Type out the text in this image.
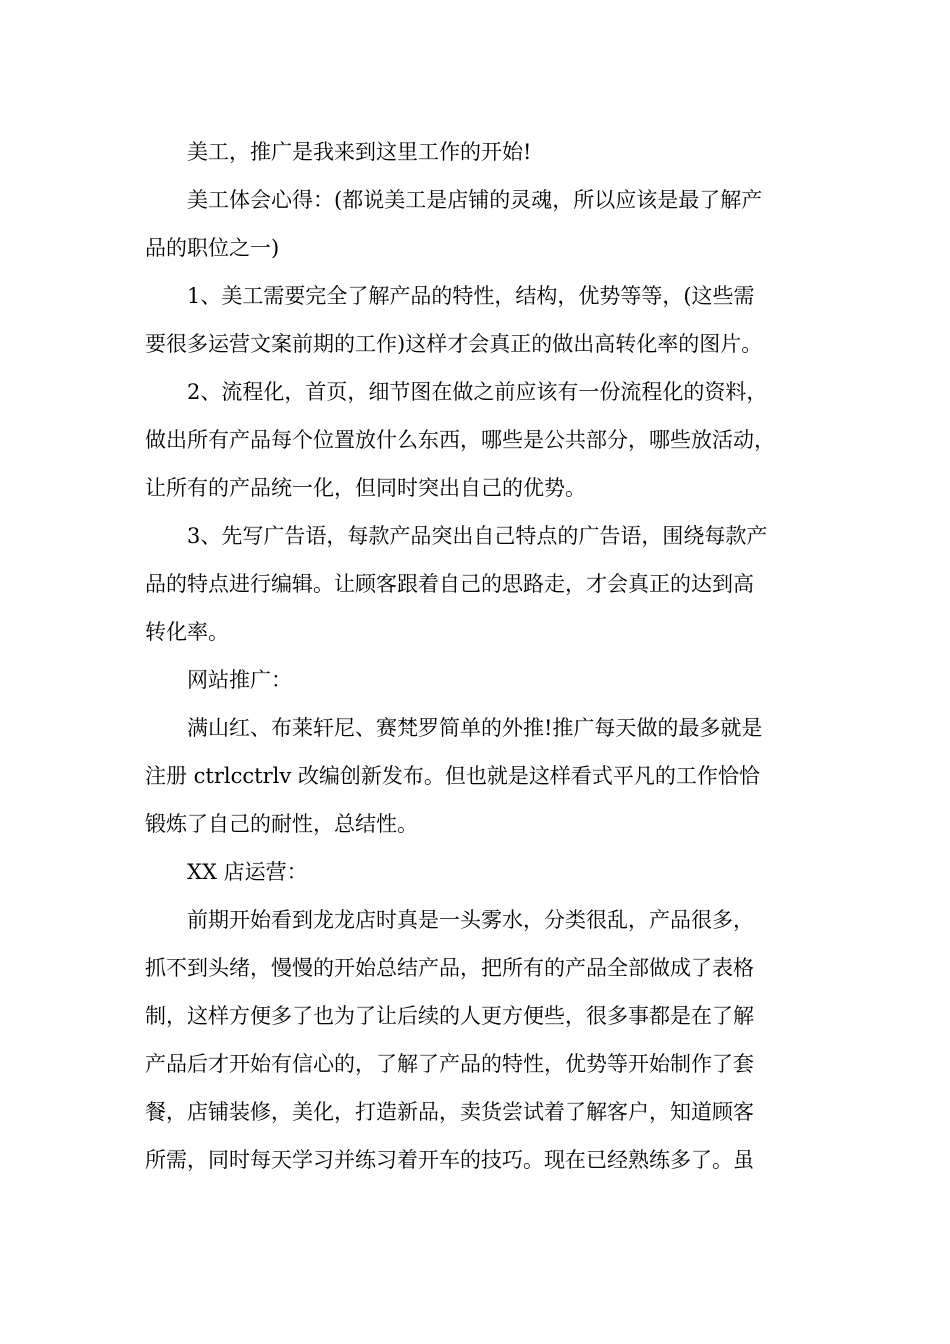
美工，推广是我来到这里工作的开始!

美工体会心得：(都说美工是店铺的灵魂，所以应该是最了解产
品的职位之一)

1、美工需要完全了解产品的特性，结构，优势等等，(这些需
要很多运营文案前期的工作)这样才会真正的做出高转化率的图片。

2、流程化，首页，细节图在做之前应该有一份流程化的资料，
做出所有产品每个位置放什么东西，哪些是公共部分，哪些放活动，
让所有的产品统一化，但同时突出自己的优势。

3、先写广告语，每款产品突出自己特点的广告语，围绕每款产
品的特点进行编辑。让顾客跟着自己的思路走，才会真正的达到高
转化率。

网站推广：

满山红、布莱轩尼、赛梵罗简单的外推!推广每天做的最多就是
注册 ctrlcctrlv 改编创新发布。但也就是这样看式平凡的工作恰恰
锻炼了自己的耐性，总结性。

XX 店运营：

前期开始看到龙龙店时真是一头雾水，分类很乱，产品很多，
抓不到头绪，慢慢的开始总结产品，把所有的产品全部做成了表格
制，这样方便多了也为了让后续的人更方便些，很多事都是在了解
产品后才开始有信心的，了解了产品的特性，优势等开始制作了套
餐，店铺装修，美化，打造新品，卖货尝试着了解客户，知道顾客
所需，同时每天学习并练习着开车的技巧。现在已经熟练多了。虽
